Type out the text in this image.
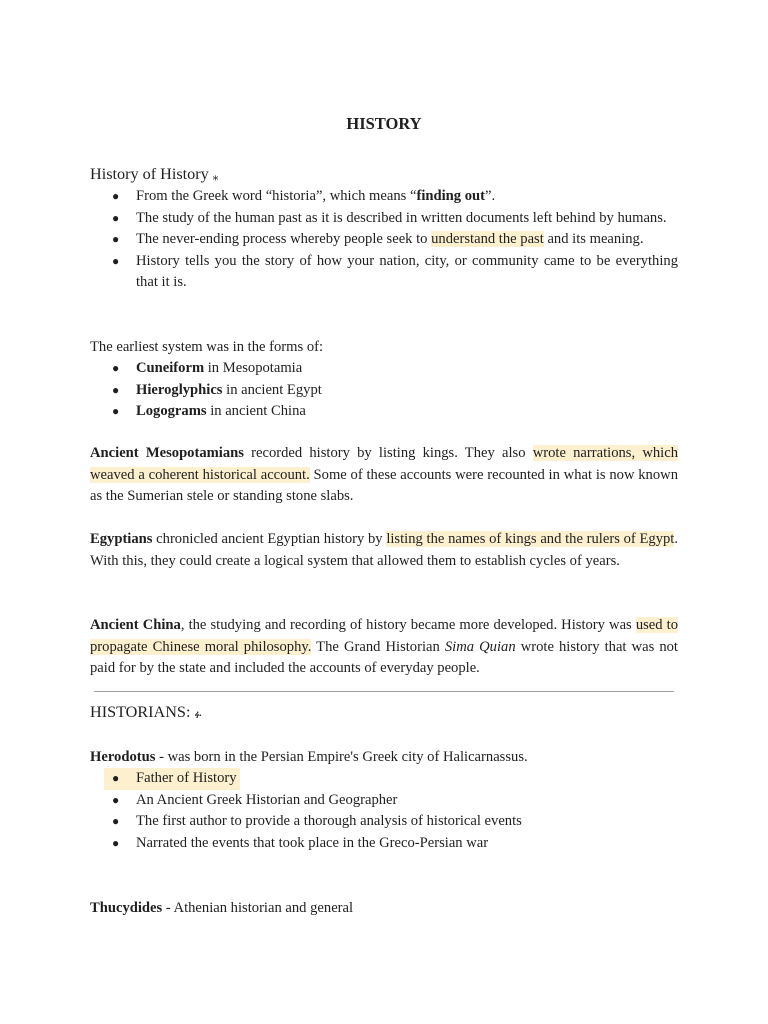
HISTORY
History of History ⁎
● From the Greek word “historia”, which means “finding out”.
● The study of the human past as it is described in written documents left behind by humans.
● The never-ending process whereby people seek to understand the past and its meaning.
● History tells you the story of how your nation, city, or community came to be everything that it is.

The earliest system was in the forms of:

● Cuneiform in Mesopotamia
● Hieroglyphics in ancient Egypt
● Logograms in ancient China

Ancient Mesopotamians recorded history by listing kings. They also wrote narrations, which weaved a coherent historical account. Some of these accounts were recounted in what is now known as the Sumerian stele or standing stone slabs.

Egyptians chronicled ancient Egyptian history by listing the names of kings and the rulers of Egypt. With this, they could create a logical system that allowed them to establish cycles of years.

Ancient China, the studying and recording of history became more developed. History was used to propagate Chinese moral philosophy. The Grand Historian Sima Quian wrote history that was not paid for by the state and included the accounts of everyday people.

HISTORIANS: ፉ

Herodotus - was born in the Persian Empire's Greek city of Halicarnassus.

● Father of History
● An Ancient Greek Historian and Geographer
● The first author to provide a thorough analysis of historical events
● Narrated the events that took place in the Greco-Persian war

Thucydides - Athenian historian and general
